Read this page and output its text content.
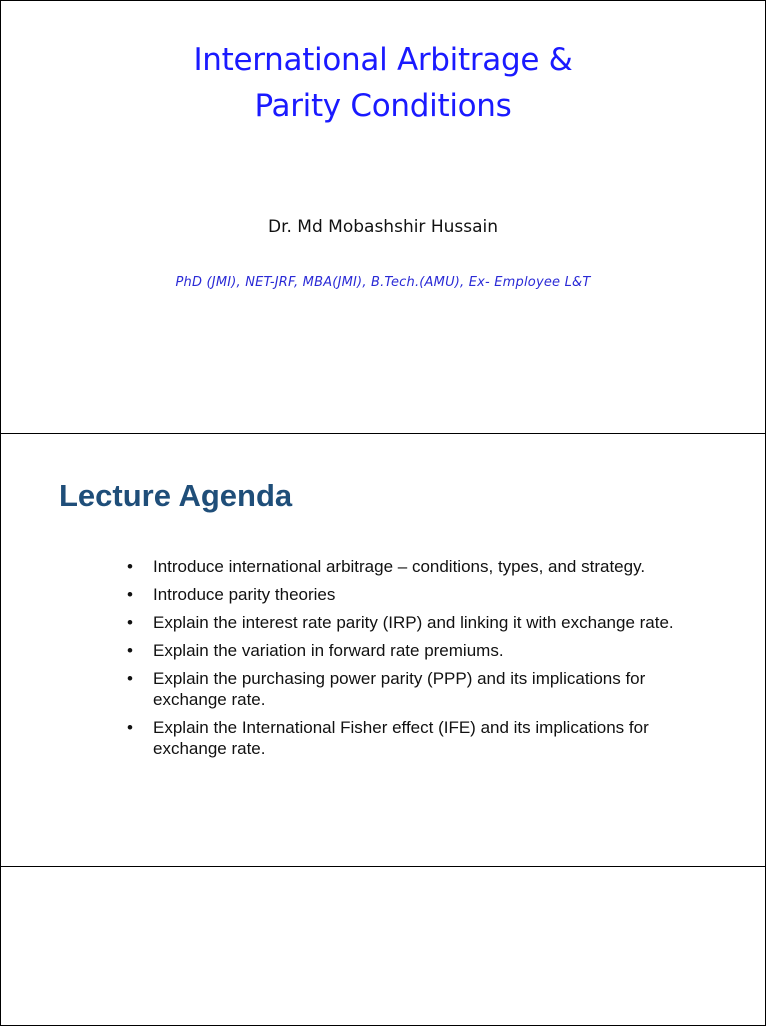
International Arbitrage &
Parity Conditions
Dr. Md Mobashshir Hussain
PhD (JMI), NET-JRF, MBA(JMI), B.Tech.(AMU), Ex- Employee L&T
Lecture Agenda
• Introduce international arbitrage – conditions, types, and strategy.
• Introduce parity theories
• Explain the interest rate parity (IRP) and linking it with exchange rate.
• Explain the variation in forward rate premiums.
• Explain the purchasing power parity (PPP) and its implications for exchange rate.
• Explain the International Fisher effect (IFE) and its implications for exchange rate.
